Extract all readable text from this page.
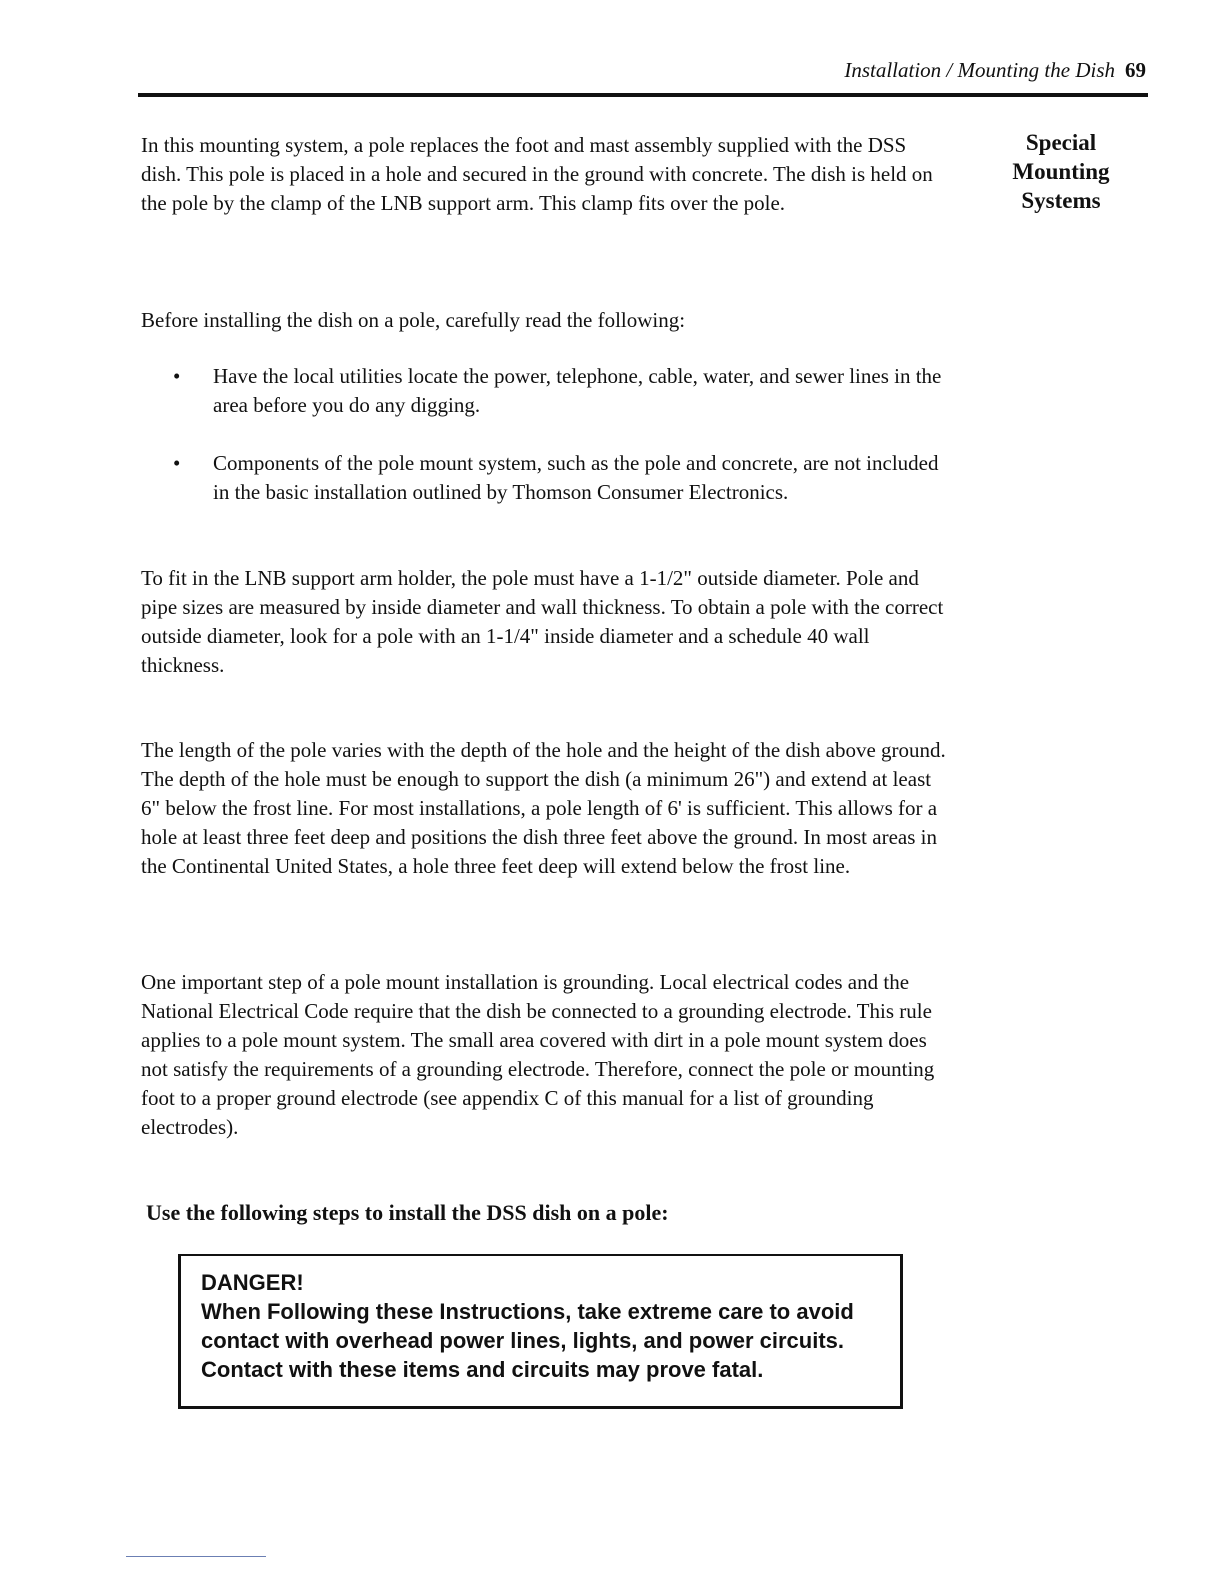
Installation / Mounting the Dish 69
Special
Mounting
Systems

In this mounting system, a pole replaces the foot and mast assembly supplied with the DSS dish. This pole is placed in a hole and secured in the ground with concrete. The dish is held on the pole by the clamp of the LNB support arm. This clamp fits over the pole.

Before installing the dish on a pole, carefully read the following:

• Have the local utilities locate the power, telephone, cable, water, and sewer lines in the area before you do any digging.
• Components of the pole mount system, such as the pole and concrete, are not included in the basic installation outlined by Thomson Consumer Electronics.

To fit in the LNB support arm holder, the pole must have a 1-1/2" outside diameter. Pole and pipe sizes are measured by inside diameter and wall thickness. To obtain a pole with the correct outside diameter, look for a pole with an 1-1/4" inside diameter and a schedule 40 wall thickness.

The length of the pole varies with the depth of the hole and the height of the dish above ground. The depth of the hole must be enough to support the dish (a minimum 26") and extend at least 6" below the frost line. For most installations, a pole length of 6' is sufficient. This allows for a hole at least three feet deep and positions the dish three feet above the ground. In most areas in the Continental United States, a hole three feet deep will extend below the frost line.

One important step of a pole mount installation is grounding. Local electrical codes and the National Electrical Code require that the dish be connected to a grounding electrode. This rule applies to a pole mount system. The small area covered with dirt in a pole mount system does not satisfy the requirements of a grounding electrode. Therefore, connect the pole or mounting foot to a proper ground electrode (see appendix C of this manual for a list of grounding electrodes).

Use the following steps to install the DSS dish on a pole:

DANGER!

When Following these Instructions, take extreme care to avoid contact with overhead power lines, lights, and power circuits. Contact with these items and circuits may prove fatal.
